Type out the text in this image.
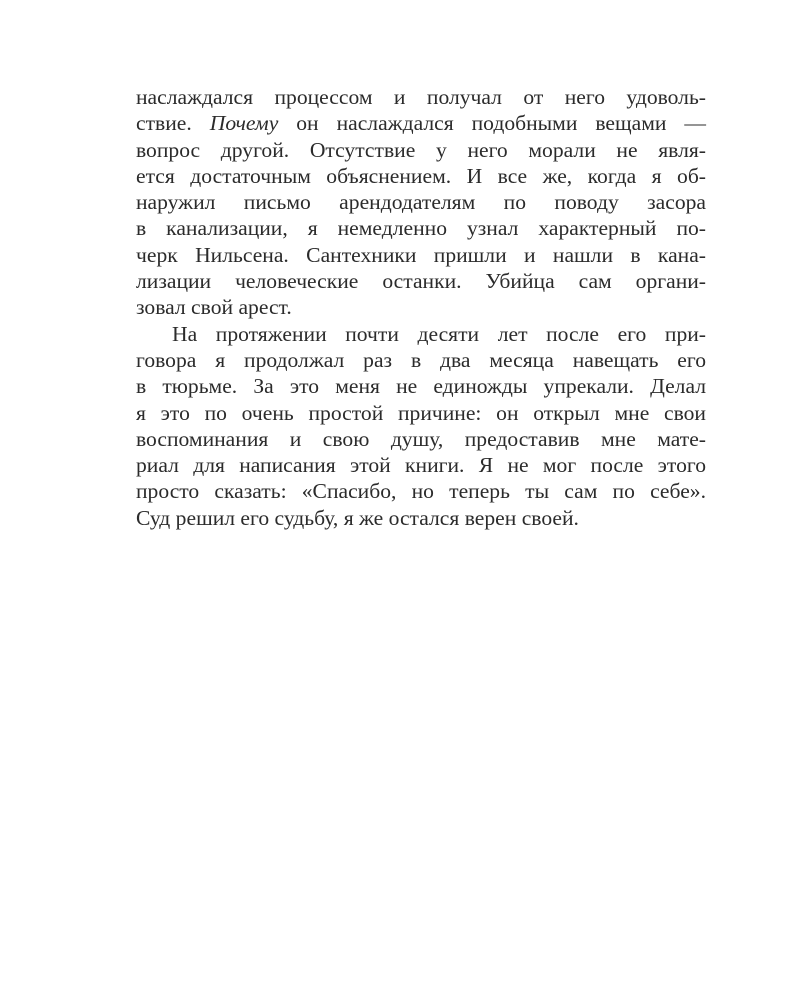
наслаждался процессом и получал от него удоволь-
ствие. Почему он наслаждался подобными вещами —
вопрос другой. Отсутствие у него морали не явля-
ется достаточным объяснением. И все же, когда я об-
наружил письмо арендодателям по поводу засора
в канализации, я немедленно узнал характерный по-
черк Нильсена. Сантехники пришли и нашли в кана-
лизации человеческие останки. Убийца сам органи-
зовал свой арест.
На протяжении почти десяти лет после его при-
говора я продолжал раз в два месяца навещать его
в тюрьме. За это меня не единожды упрекали. Делал
я это по очень простой причине: он открыл мне свои
воспоминания и свою душу, предоставив мне мате-
риал для написания этой книги. Я не мог после этого
просто сказать: «Спасибо, но теперь ты сам по себе».
Суд решил его судьбу, я же остался верен своей.
